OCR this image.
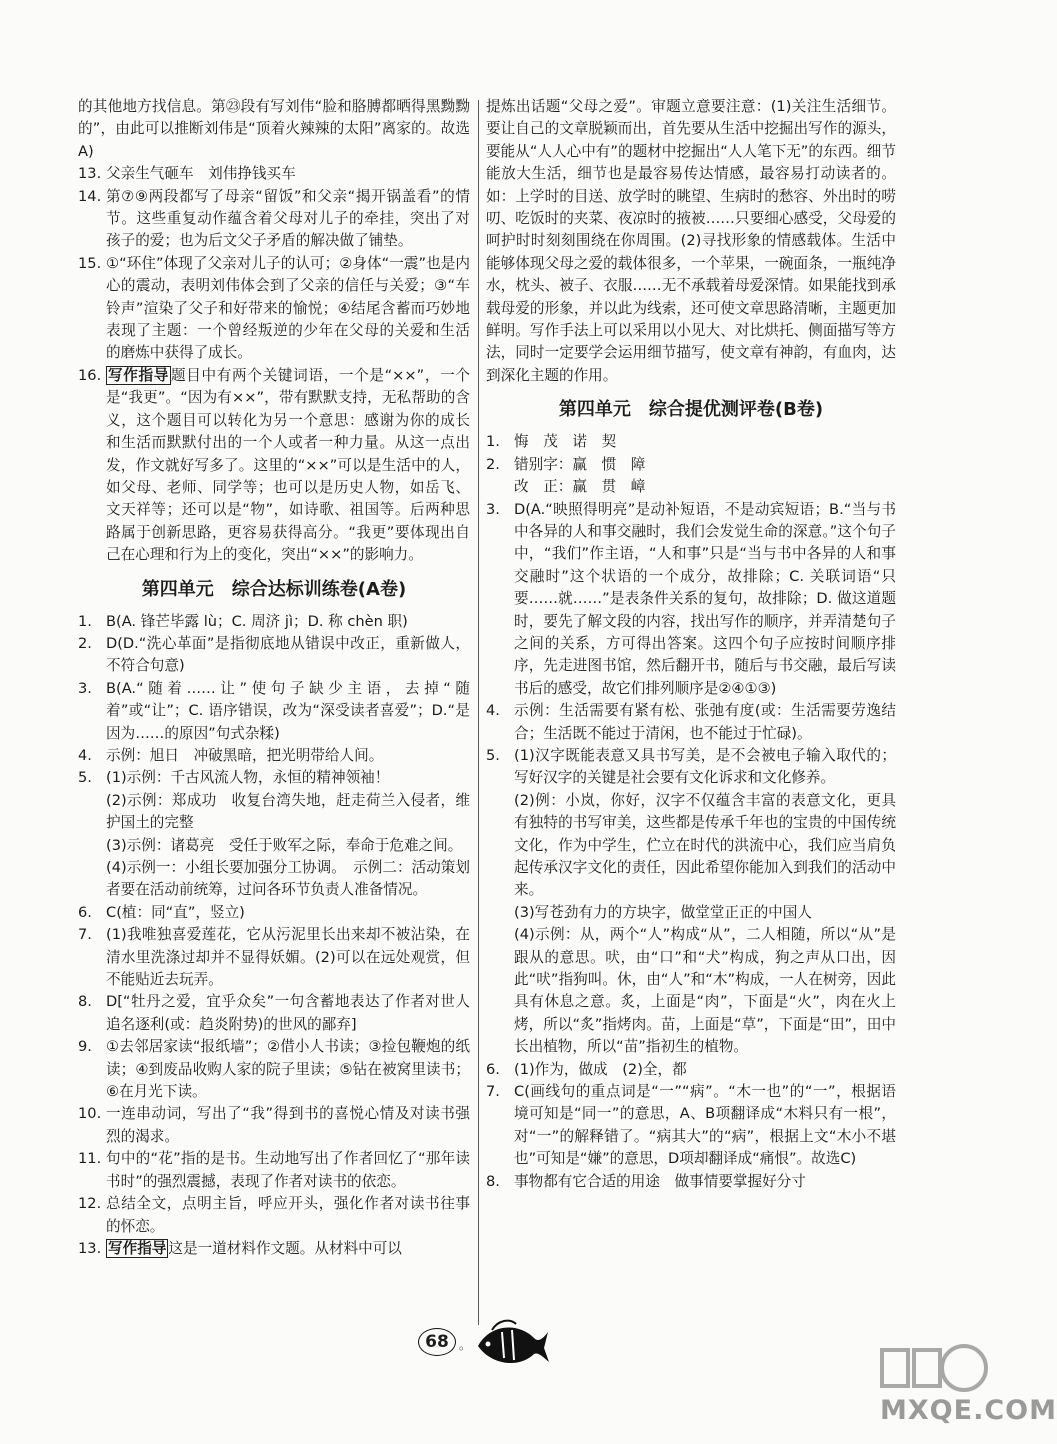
的其他地方找信息。第㉓段有写刘伟“脸和胳膊都晒得黑黝黝的”，由此可以推断刘伟是“顶着火辣辣的太阳”离家的。故选A)
13. 父亲生气砸车　刘伟挣钱买车
14. 第⑦⑨两段都写了母亲“留饭”和父亲“揭开锅盖看”的情节。这些重复动作蕴含着父母对儿子的牵挂，突出了对孩子的爱；也为后文父子矛盾的解决做了铺垫。
15. ①“环住”体现了父亲对儿子的认可；②身体“一震”也是内心的震动，表明刘伟体会到了父亲的信任与关爱；③“车铃声”渲染了父子和好带来的愉悦；④结尾含蓄而巧妙地表现了主题：一个曾经叛逆的少年在父母的关爱和生活的磨炼中获得了成长。
16. 写作指导 题目中有两个关键词语，一个是“××”，一个是“我更”。“因为有××”，带有默默支持，无私帮助的含义，这个题目可以转化为另一个意思：感谢为你的成长和生活而默默付出的一个人或者一种力量。从这一点出发，作文就好写多了。这里的“××”可以是生活中的人，如父母、老师、同学等；也可以是历史人物，如岳飞、文天祥等；还可以是“物”，如诗歌、祖国等。后两种思路属于创新思路，更容易获得高分。“我更”要体现出自己在心理和行为上的变化，突出“××”的影响力。
第四单元　综合达标训练卷(A卷)
1. B(A. 锋芒毕露 lù；C. 周济 jì；D. 称 chèn 职)
2. D(D.“洗心革面”是指彻底地从错误中改正，重新做人，不符合句意)
3. B(A.“随着……让”使句子缺少主语，去掉“随着”或“让”；C. 语序错误，改为“深受读者喜爱”；D.“是因为……的原因”句式杂糅)
4. 示例：旭日　冲破黑暗，把光明带给人间。
5. (1)示例：千古风流人物，永恒的精神领袖！
(2)示例：郑成功　收复台湾失地，赶走荷兰入侵者，维护国土的完整
(3)示例：诸葛亮　受任于败军之际，奉命于危难之间。
(4)示例一：小组长要加强分工协调。　示例二：活动策划者要在活动前统筹，过问各环节负责人准备情况。
6. C(植：同“直”，竖立)
7. (1)我唯独喜爱莲花，它从污泥里长出来却不被沾染，在清水里洗涤过却并不显得妖媚。(2)可以在远处观赏，但不能贴近去玩弄。
8. D[“牡丹之爱，宜乎众矣”一句含蓄地表达了作者对世人追名逐利(或：趋炎附势)的世风的鄙弃]
9. ①去邻居家读“报纸墙”；②借小人书读；③捡包鞭炮的纸读；④到废品收购人家的院子里读；⑤钻在被窝里读书；⑥在月光下读。
10. 一连串动词，写出了“我”得到书的喜悦心情及对读书强烈的渴求。
11. 句中的“花”指的是书。生动地写出了作者回忆了“那年读书时”的强烈震撼，表现了作者对读书的依恋。
12. 总结全文，点明主旨，呼应开头，强化作者对读书往事的怀恋。
13. 写作指导 这是一道材料作文题。从材料中可以
提炼出话题“父母之爱”。审题立意要注意：(1)关注生活细节。要让自己的文章脱颖而出，首先要从生活中挖掘出写作的源头，要能从“人人心中有”的题材中挖掘出“人人笔下无”的东西。细节能放大生活，细节也是最容易传达情感，最容易打动读者的。如：上学时的目送、放学时的眺望、生病时的愁容、外出时的唠叨、吃饭时的夹菜、夜凉时的掖被……只要细心感受，父母爱的呵护时时刻刻围绕在你周围。(2)寻找形象的情感载体。生活中能够体现父母之爱的载体很多，一个苹果，一碗面条，一瓶纯净水，枕头、被子、衣服……无不承载着母爱深情。如果能找到承载母爱的形象，并以此为线索，还可使文章思路清晰，主题更加鲜明。写作手法上可以采用以小见大、对比烘托、侧面描写等方法，同时一定要学会运用细节描写，使文章有神韵，有血肉，达到深化主题的作用。
第四单元　综合提优测评卷(B卷)
1. 悔　茂　诺　契
2. 错别字：赢　惯　障
改　正：赢　贯　嶂
3. D(A.“映照得明亮”是动补短语，不是动宾短语；B.“当与书中各异的人和事交融时，我们会发觉生命的深意。”这个句子中，“我们”作主语，“人和事”只是“当与书中各异的人和事交融时”这个状语的一个成分，故排除；C. 关联词语“只要……就……”是表条件关系的复句，故排除；D. 做这道题时，要先了解文段的内容，找出写作的顺序，并弄清楚句子之间的关系，方可得出答案。这四个句子应按时间顺序排序，先走进图书馆，然后翻开书，随后与书交融，最后写读书后的感受，故它们排列顺序是②④①③)
4. 示例：生活需要有紧有松、张弛有度(或：生活需要劳逸结合；生活既不能过于清闲，也不能过于忙碌)。
5. (1)汉字既能表意又具书写美，是不会被电子输入取代的；写好汉字的关键是社会要有文化诉求和文化修养。
(2)例：小岚，你好，汉字不仅蕴含丰富的表意文化，更具有独特的书写审美，这些都是传承千年也的宝贵的中国传统文化，作为中学生，伫立在时代的洪流中心，我们应当肩负起传承汉字文化的责任，因此希望你能加入到我们的活动中来。
(3)写苍劲有力的方块字，做堂堂正正的中国人
(4)示例：从，两个“人”构成“从”，二人相随，所以“从”是跟从的意思。吠，由“口”和“犬”构成，狗之声从口出，因此“吠”指狗叫。休，由“人”和“木”构成，一人在树旁，因此具有休息之意。炙，上面是“肉”，下面是“火”，肉在火上烤，所以“炙”指烤肉。苗，上面是“草”，下面是“田”，田中长出植物，所以“苗”指初生的植物。
6. (1)作为，做成　(2)全，都
7. C(画线句的重点词是“一”“病”。“木一也”的“一”，根据语境可知是“同一”的意思，A、B项翻译成“木料只有一根”，对“一”的解释错了。“病其大”的“病”，根据上文“木小不堪也”可知是“嫌”的意思，D项却翻译成“痛恨”。故选C)
8. 事物都有它合适的用途　做事情要掌握好分寸
68 。
MXQE.COM
